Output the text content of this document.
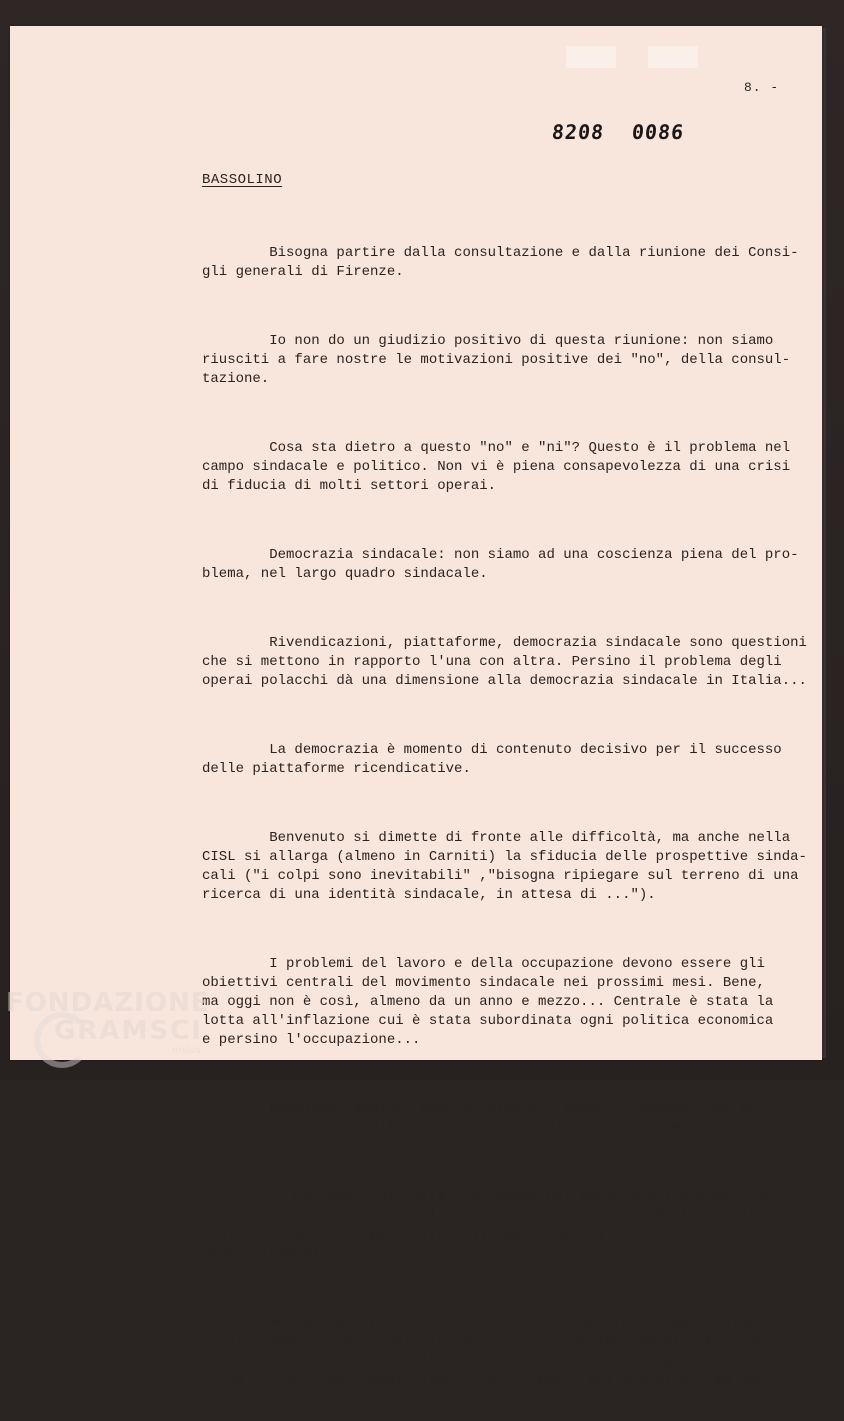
8. -
8208 0086
BASSOLINO

Bisogna partire dalla consultazione e dalla riunione dei Consi-
gli generali di Firenze.

Io non do un giudizio positivo di questa riunione: non siamo
riusciti a fare nostre le motivazioni positive dei "no", della consul-
tazione.

Cosa sta dietro a questo "no" e "ni"? Questo è il problema nel
campo sindacale e politico. Non vi è piena consapevolezza di una crisi
di fiducia di molti settori operai.

Democrazia sindacale: non siamo ad una coscienza piena del pro-
blema, nel largo quadro sindacale.

Rivendicazioni, piattaforme, democrazia sindacale sono questioni
che si mettono in rapporto l'una con altra. Persino il problema degli
operai polacchi dà una dimensione alla democrazia sindacale in Italia...

La democrazia è momento di contenuto decisivo per il successo
delle piattaforme ricendicative.

Benvenuto si dimette di fronte alle difficoltà, ma anche nella
CISL si allarga (almeno in Carniti) la sfiducia delle prospettive sinda-
cali ("i colpi sono inevitabili" ,"bisogna ripiegare sul terreno di una
ricerca di una identità sindacale, in attesa di ...").

I problemi del lavoro e della occupazione devono essere gli
obiettivi centrali del movimento sindacale nei prossimi mesi. Bene,
ma oggi non è così, almeno da un anno e mezzo... Centrale è stata la
lotta all'inflazione cui è stata subordinata ogni politica economica
e persino l'occupazione...

Dobbiamo cambiare asse strategico: lavoro e occupazione su cui
ruota e a cui si finalizza inflazione e iniziativa economica.

Il movimento di lotta e di massa nel paese può riprendere su
questa base. La riuscita dello sciopero meridionale dimostra questa pos-
sibilità.  Non vi è passività nelle masse ma nelle teste di certi diri-
genti sindacali.

Movimento sindacale-governo - questo governo in particolare:
questi rapporti vanno definiti per superare un logoramento che nuoce,
e porta ad assenza di conclusioni concrete. Con questo governo il sindaca-
to ha contatti dal maggio 1981. I dieci punti della piattaforma non

FONDAZIONE
GRAMSCI
onlus
